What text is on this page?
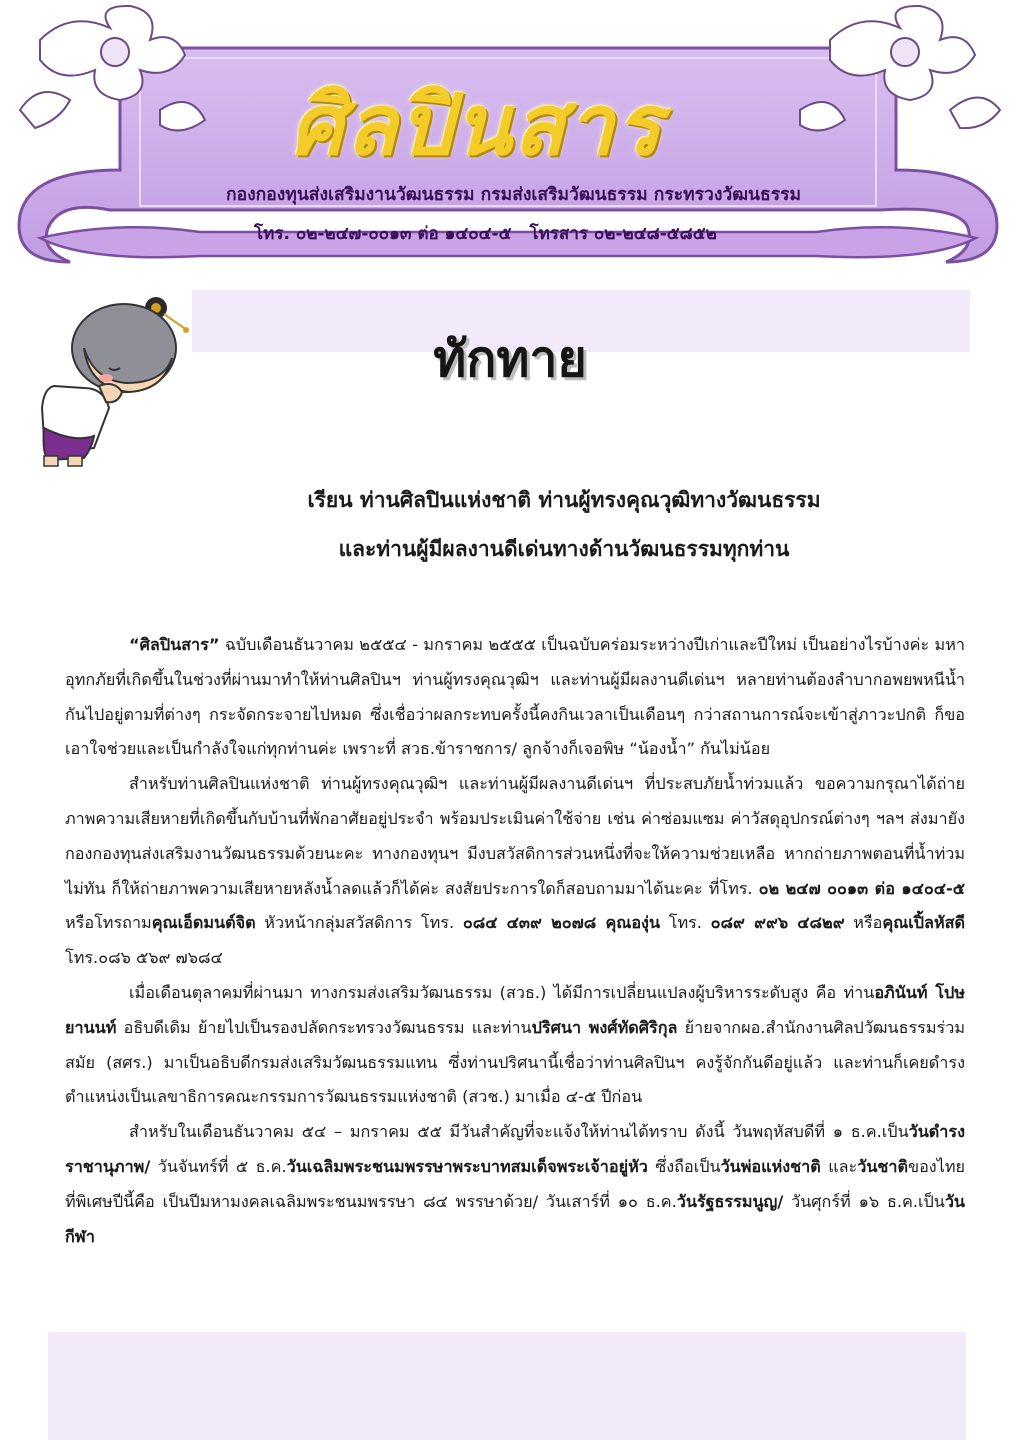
ศิลปินสาร
กองกองทุนส่งเสริมงานวัฒนธรรม กรมส่งเสริมวัฒนธรรม กระทรวงวัฒนธรรม
โทร. ๐๒-๒๔๗-๐๐๑๓ ต่อ ๑๔๐๔-๕ โทรสาร ๐๒-๒๔๘-๕๘๕๒
ทักทาย
เรียน ท่านศิลปินแห่งชาติ ท่านผู้ทรงคุณวุฒิทางวัฒนธรรม
และท่านผู้มีผลงานดีเด่นทางด้านวัฒนธรรมทุกท่าน

“ศิลปินสาร” ฉบับเดือนธันวาคม ๒๕๕๔ - มกราคม ๒๕๕๕ เป็นฉบับคร่อมระหว่างปีเก่าและปีใหม่ เป็นอย่างไรบ้างค่ะ มหาอุทกภัยที่เกิดขึ้นในช่วงที่ผ่านมาทำให้ท่านศิลปินฯ ท่านผู้ทรงคุณวุฒิฯ และท่านผู้มีผลงานดีเด่นฯ หลายท่านต้องลำบากอพยพหนีน้ำกันไปอยู่ตามที่ต่างๆ กระจัดกระจายไปหมด ซึ่งเชื่อว่าผลกระทบครั้งนี้คงกินเวลาเป็นเดือนๆ กว่าสถานการณ์จะเข้าสู่ภาวะปกติ ก็ขอเอาใจช่วยและเป็นกำลังใจแก่ทุกท่านค่ะ เพราะที่ สวธ.ข้าราชการ/ ลูกจ้างก็เจอพิษ “น้องน้ำ” กันไม่น้อย

สำหรับท่านศิลปินแห่งชาติ ท่านผู้ทรงคุณวุฒิฯ และท่านผู้มีผลงานดีเด่นฯ ที่ประสบภัยน้ำท่วมแล้ว ขอความกรุณาได้ถ่ายภาพความเสียหายที่เกิดขึ้นกับบ้านที่พักอาศัยอยู่ประจำ พร้อมประเมินค่าใช้จ่าย เช่น ค่าซ่อมแซม ค่าวัสดุอุปกรณ์ต่างๆ ฯลฯ ส่งมายังกองกองทุนส่งเสริมงานวัฒนธรรมด้วยนะคะ ทางกองทุนฯ มีงบสวัสดิการส่วนหนึ่งที่จะให้ความช่วยเหลือ หากถ่ายภาพตอนที่น้ำท่วมไม่ทัน ก็ให้ถ่ายภาพความเสียหายหลังน้ำลดแล้วก็ได้ค่ะ สงสัยประการใดก็สอบถามมาได้นะคะ ที่โทร. ๐๒ ๒๔๗ ๐๐๑๓ ต่อ ๑๔๐๔-๕ หรือโทรถามคุณเอ็ดมนต์จิต หัวหน้ากลุ่มสวัสดิการ โทร. ๐๘๔ ๔๓๙ ๒๐๗๘ คุณองุ่น โทร. ๐๘๙ ๙๙๖ ๔๘๒๙ หรือคุณเปิ้ลหัสดี โทร.๐๘๖ ๕๖๙ ๗๖๘๔

เมื่อเดือนตุลาคมที่ผ่านมา ทางกรมส่งเสริมวัฒนธรรม (สวธ.) ได้มีการเปลี่ยนแปลงผู้บริหารระดับสูง คือ ท่านอภินันท์ โปษยานนท์ อธิบดีเดิม ย้ายไปเป็นรองปลัดกระทรวงวัฒนธรรม และท่านปริศนา พงศ์ทัดศิริกุล ย้ายจากผอ.สำนักงานศิลปวัฒนธรรมร่วมสมัย (สศร.) มาเป็นอธิบดีกรมส่งเสริมวัฒนธรรมแทน ซึ่งท่านปริศนานี้เชื่อว่าท่านศิลปินฯ คงรู้จักกันดีอยู่แล้ว และท่านก็เคยดำรงตำแหน่งเป็นเลขาธิการคณะกรรมการวัฒนธรรมแห่งชาติ (สวช.) มาเมื่อ ๔-๕ ปีก่อน

สำหรับในเดือนธันวาคม ๕๔ – มกราคม ๕๕ มีวันสำคัญที่จะแจ้งให้ท่านได้ทราบ ดังนี้ วันพฤหัสบดีที่ ๑ ธ.ค.เป็นวันดำรงราชานุภาพ/ วันจันทร์ที่ ๕ ธ.ค.วันเฉลิมพระชนมพรรษาพระบาทสมเด็จพระเจ้าอยู่หัว ซึ่งถือเป็นวันพ่อแห่งชาติ และวันชาติของไทย ที่พิเศษปีนี้คือ เป็นปีมหามงคลเฉลิมพระชนมพรรษา ๘๔ พรรษาด้วย/ วันเสาร์ที่ ๑๐ ธ.ค.วันรัฐธรรมนูญ/ วันศุกร์ที่ ๑๖ ธ.ค.เป็นวันกีฬา
